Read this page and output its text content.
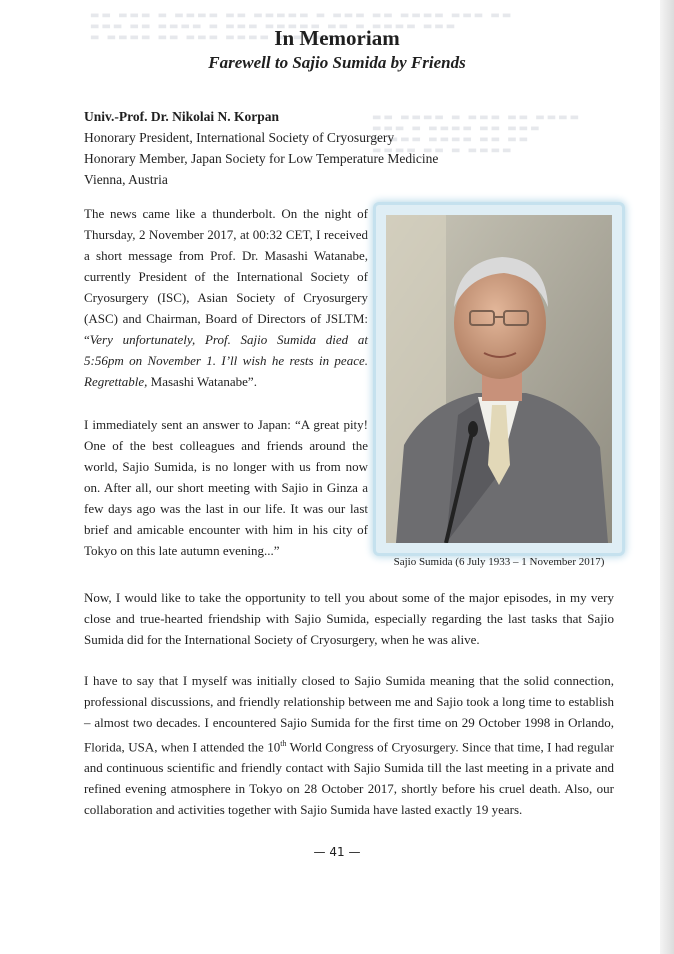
▬▬ ▬▬▬ ▬ ▬▬▬▬ ▬▬ ▬▬▬▬▬ ▬ ▬▬▬ ▬▬ ▬▬▬▬ ▬▬▬ ▬▬
▬▬▬ ▬▬ ▬▬▬▬ ▬ ▬▬▬ ▬▬▬▬▬ ▬▬ ▬ ▬▬▬▬ ▬▬▬
▬ ▬▬▬▬ ▬▬ ▬▬▬ ▬▬▬▬ ▬ ▬▬▬▬
▬▬ ▬▬▬▬ ▬ ▬▬▬ ▬▬ ▬▬▬▬
▬▬▬ ▬ ▬▬▬▬ ▬▬ ▬▬▬
▬ ▬▬▬ ▬▬▬▬ ▬▬ ▬▬
▬▬▬▬ ▬▬ ▬ ▬▬▬▬
In Memoriam
Farewell to Sajio Sumida by Friends
Univ.-Prof. Dr. Nikolai N. Korpan
Honorary President, International Society of Cryosurgery
Honorary Member, Japan Society for Low Temperature Medicine
Vienna, Austria

The news came like a thunderbolt. On the night of Thursday, 2 November 2017, at 00:32 CET, I received a short message from Prof. Dr. Masashi Watanabe, currently President of the International Society of Cryosurgery (ISC), Asian Society of Cryosurgery (ASC) and Chairman, Board of Directors of JSLTM: “Very unfortunately, Prof. Sajio Sumida died at 5:56pm on November 1. I’ll wish he rests in peace. Regrettable, Masashi Watanabe”.

I immediately sent an answer to Japan: “A great pity! One of the best colleagues and friends around the world, Sajio Sumida, is no longer with us from now on. After all, our short meeting with Sajio in Ginza a few days ago was the last in our life. It was our last brief and amicable encounter with him in his city of Tokyo on this late autumn evening...”

Sajio Sumida (6 July 1933 – 1 November 2017)

Now, I would like to take the opportunity to tell you about some of the major episodes, in my very close and true-hearted friendship with Sajio Sumida, especially regarding the last tasks that Sajio Sumida did for the International Society of Cryosurgery, when he was alive.

I have to say that I myself was initially closed to Sajio Sumida meaning that the solid connection, professional discussions, and friendly relationship between me and Sajio took a long time to establish – almost two decades. I encountered Sajio Sumida for the first time on 29 October 1998 in Orlando, Florida, USA, when I attended the 10th World Congress of Cryosurgery. Since that time, I had regular and continuous scientific and friendly contact with Sajio Sumida till the last meeting in a private and refined evening atmosphere in Tokyo on 28 October 2017, shortly before his cruel death. Also, our collaboration and activities together with Sajio Sumida have lasted exactly 19 years.

— 41 —
